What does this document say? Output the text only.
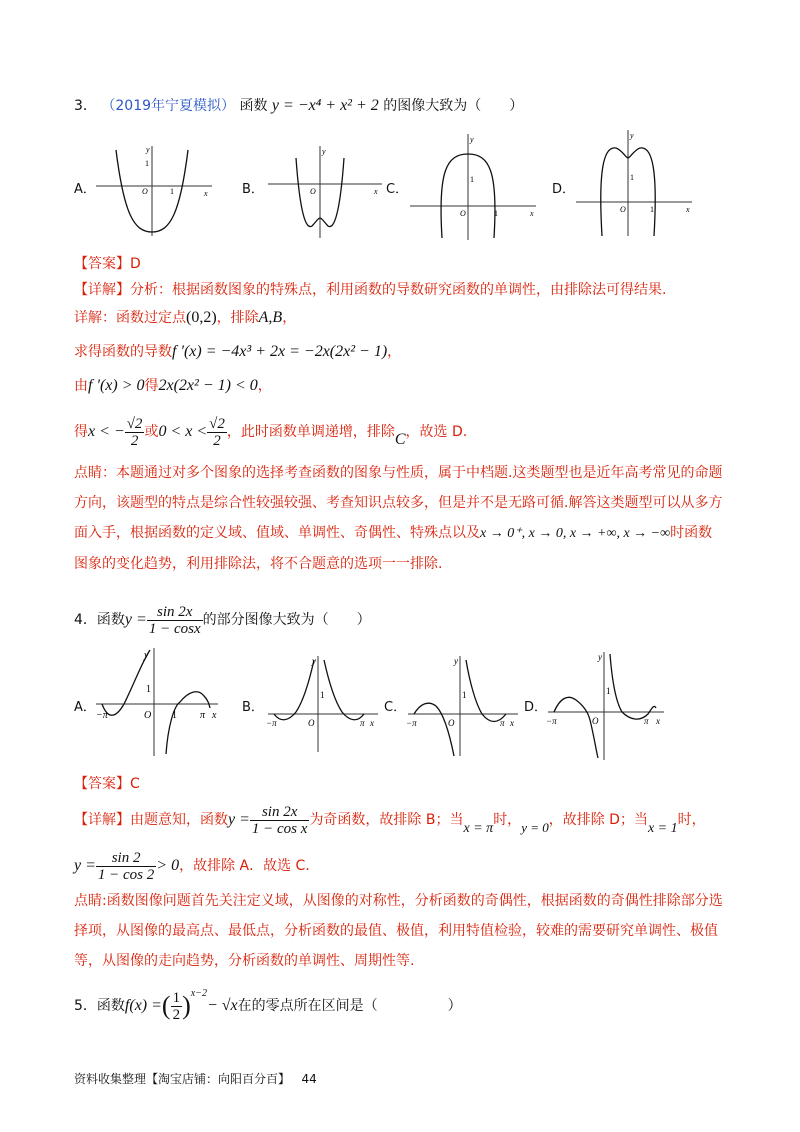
3． （2019年宁夏模拟） 函数 y = −x⁴ + x² + 2 的图像大致为（　　）
A．	B．	C．	D．
x
y
O
1
1	x
y
O
x
y
O
1
1	x
y
O
1
1
【答案】D
【详解】分析：根据函数图象的特殊点，利用函数的导数研究函数的单调性，由排除法可得结果.
详解：函数过定点(0,2)，排除A,B，
求得函数的导数f ′(x) = −4x³ + 2x = −2x(2x² − 1)，
由f ′(x) > 0得2x(2x² − 1) < 0，
得x < − $\frac{√2}{2}$ 或$0 < x < \frac{√2}{2}$ ，此时函数单调递增，排除C，故选 D.
点睛：本题通过对多个图象的选择考查函数的图象与性质，属于中档题.这类题型也是近年高考常见的命题方向，该题型的特点是综合性较强较强、考查知识点较多，但是并不是无路可循.解答这类题型可以从多方面入手，根据函数的定义域、值域、单调性、奇偶性、特殊点以及x → 0⁺, x → 0, x → +∞, x → −∞时函数图象的变化趋势，利用排除法，将不合题意的选项一一排除.
4．函数$y = \frac{\sin 2x}{1 - \cos x}$ 的部分图像大致为（　　）
A．	B．	C．	D．
x
y
O
1
1 π
−π
x
y
O
1
−π	π	x
y
O
1
−π	π	x
y
O
1
−π	π
【答案】C
【详解】由题意知，函数$y = \frac{\sin 2x}{\text{1 − cos x}}$ 为奇函数，故排除 B；当x = π时，y = 0，故排除 D；当x = 1时，
$y = \frac{\sin 2}{1 - \cos 2} > 0$，故排除 A．故选 C．
点睛:函数图像问题首先关注定义域，从图像的对称性，分析函数的奇偶性，根据函数的奇偶性排除部分选择项，从图像的最高点、最低点，分析函数的最值、极值，利用特值检验，较难的需要研究单调性、极值等，从图像的走向趋势，分析函数的单调性、周期性等.
5．函数f(x) =( $\frac{1}{2} )^{x-2}- √x$在的零点所在区间是（　　　　　）
资料收集整理【淘宝店铺：向阳百分百】 44
